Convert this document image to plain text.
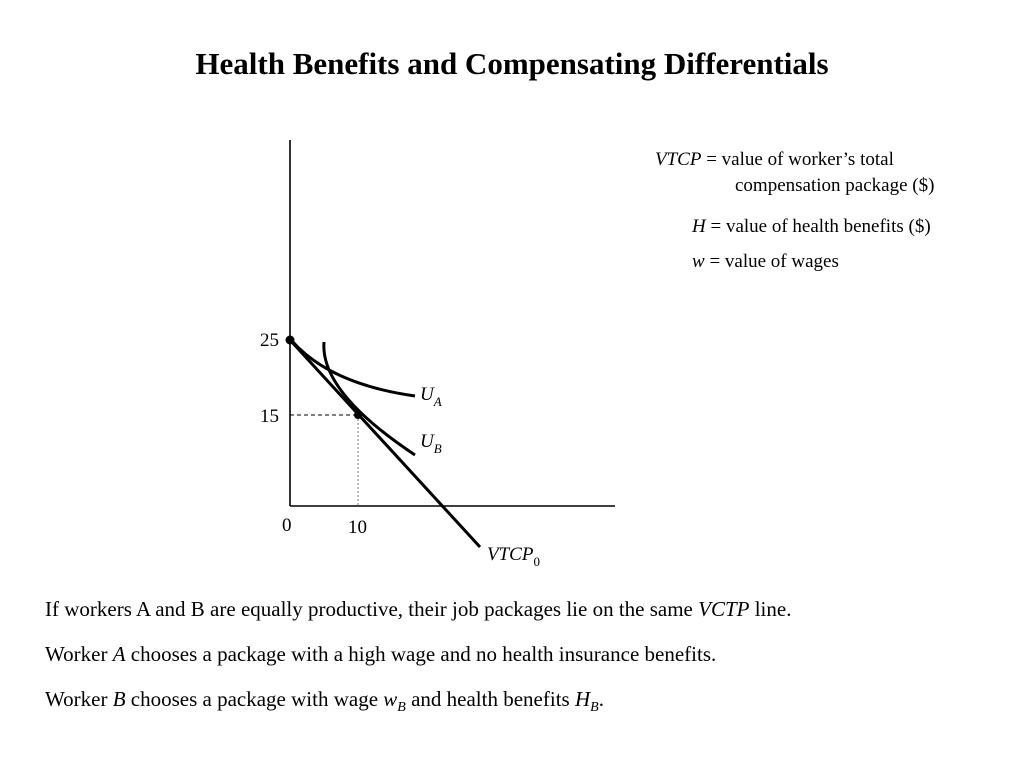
Health Benefits and Compensating Differentials
25
15
0	10
$U_A$
$U_B$
$VTCP_0$
VTCP = value of worker’s total
compensation package ($)
H = value of health benefits ($)
w = value of wages

If workers A and B are equally productive, their job packages lie on the same VCTP line.

Worker A chooses a package with a high wage and no health insurance benefits.

Worker B chooses a package with wage $w_B$ and health benefits $H_B$.
